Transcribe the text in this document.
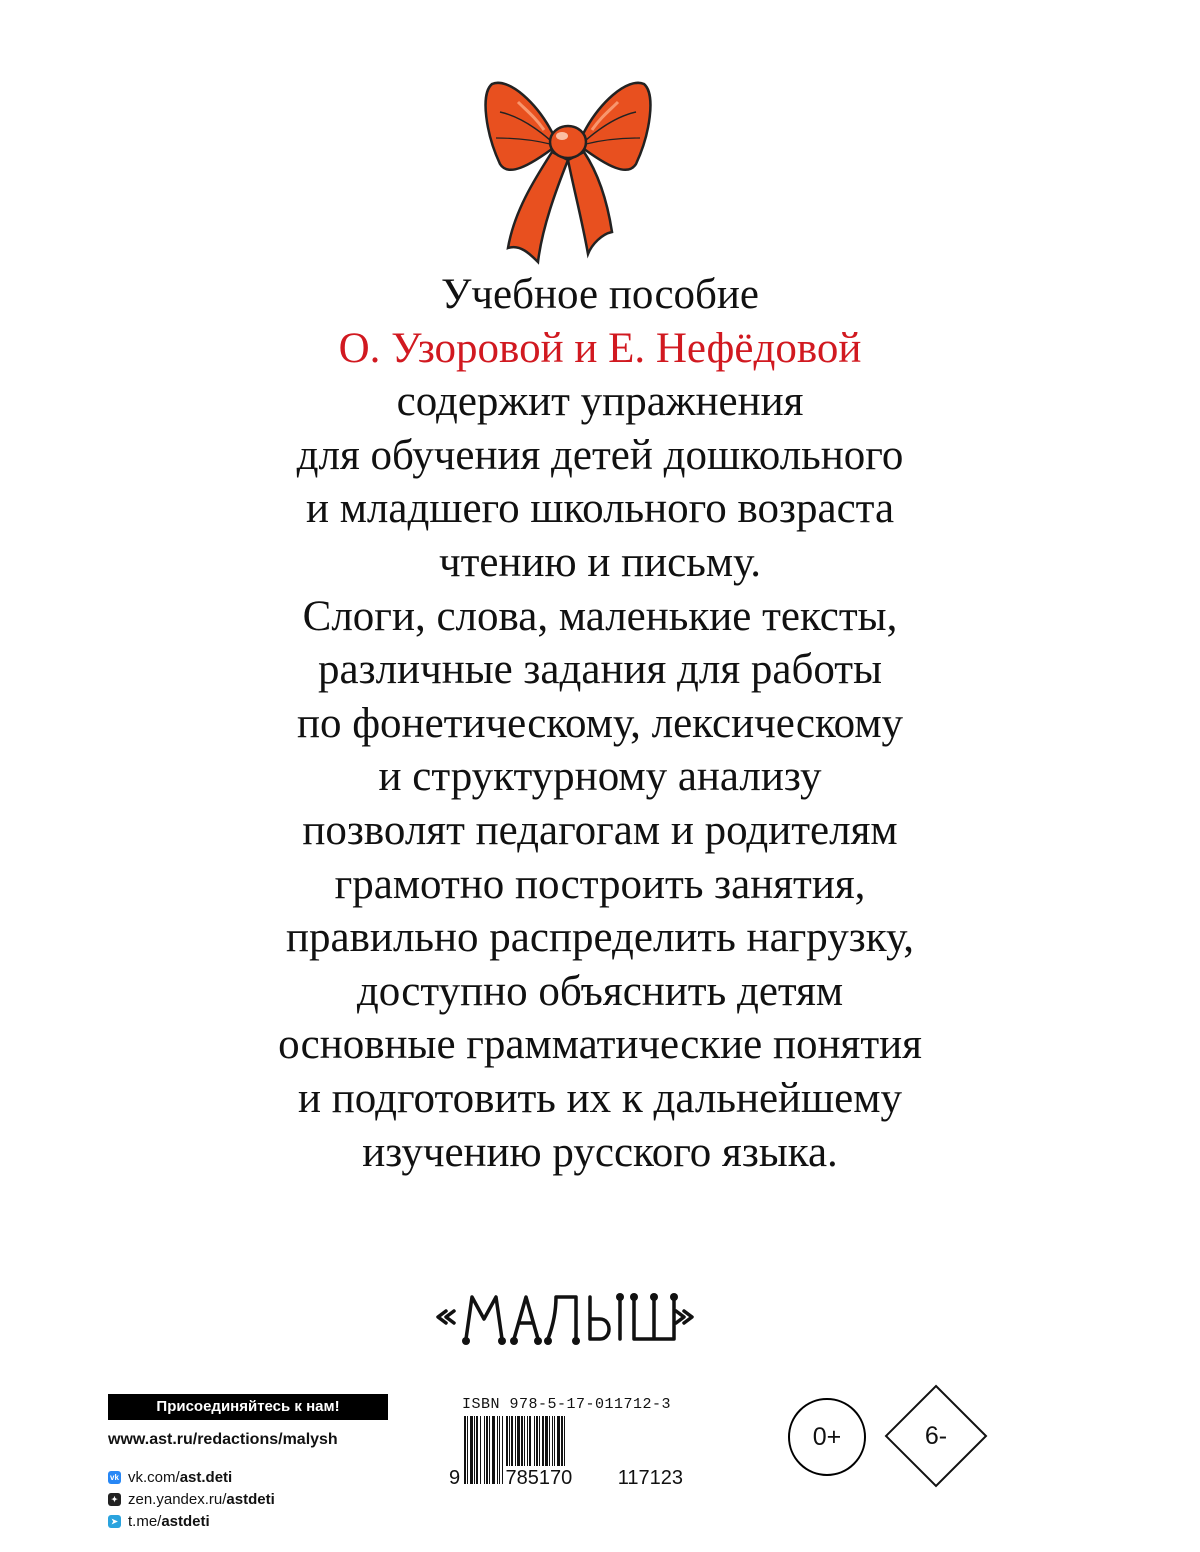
Учебное пособие
О. Узоровой и Е. Нефёдовой
содержит упражнения
для обучения детей дошкольного
и младшего школьного возраста
чтению и письму.
Слоги, слова, маленькие тексты,
различные задания для работы
по фонетическому, лексическому
и структурному анализу
позволят педагогам и родителям
грамотно построить занятия,
правильно распределить нагрузку,
доступно объяснить детям
основные грамматические понятия
и подготовить их к дальнейшему
изучению русского языка.
Присоединяйтесь к нам!
www.ast.ru/redactions/malysh
vk vk.com/ ast.deti
✦ zen.yandex.ru/ astdeti
➤ t.me/ astdeti
ISBN 978-5-17-011712-3
9 785170 117123
0+	6-
